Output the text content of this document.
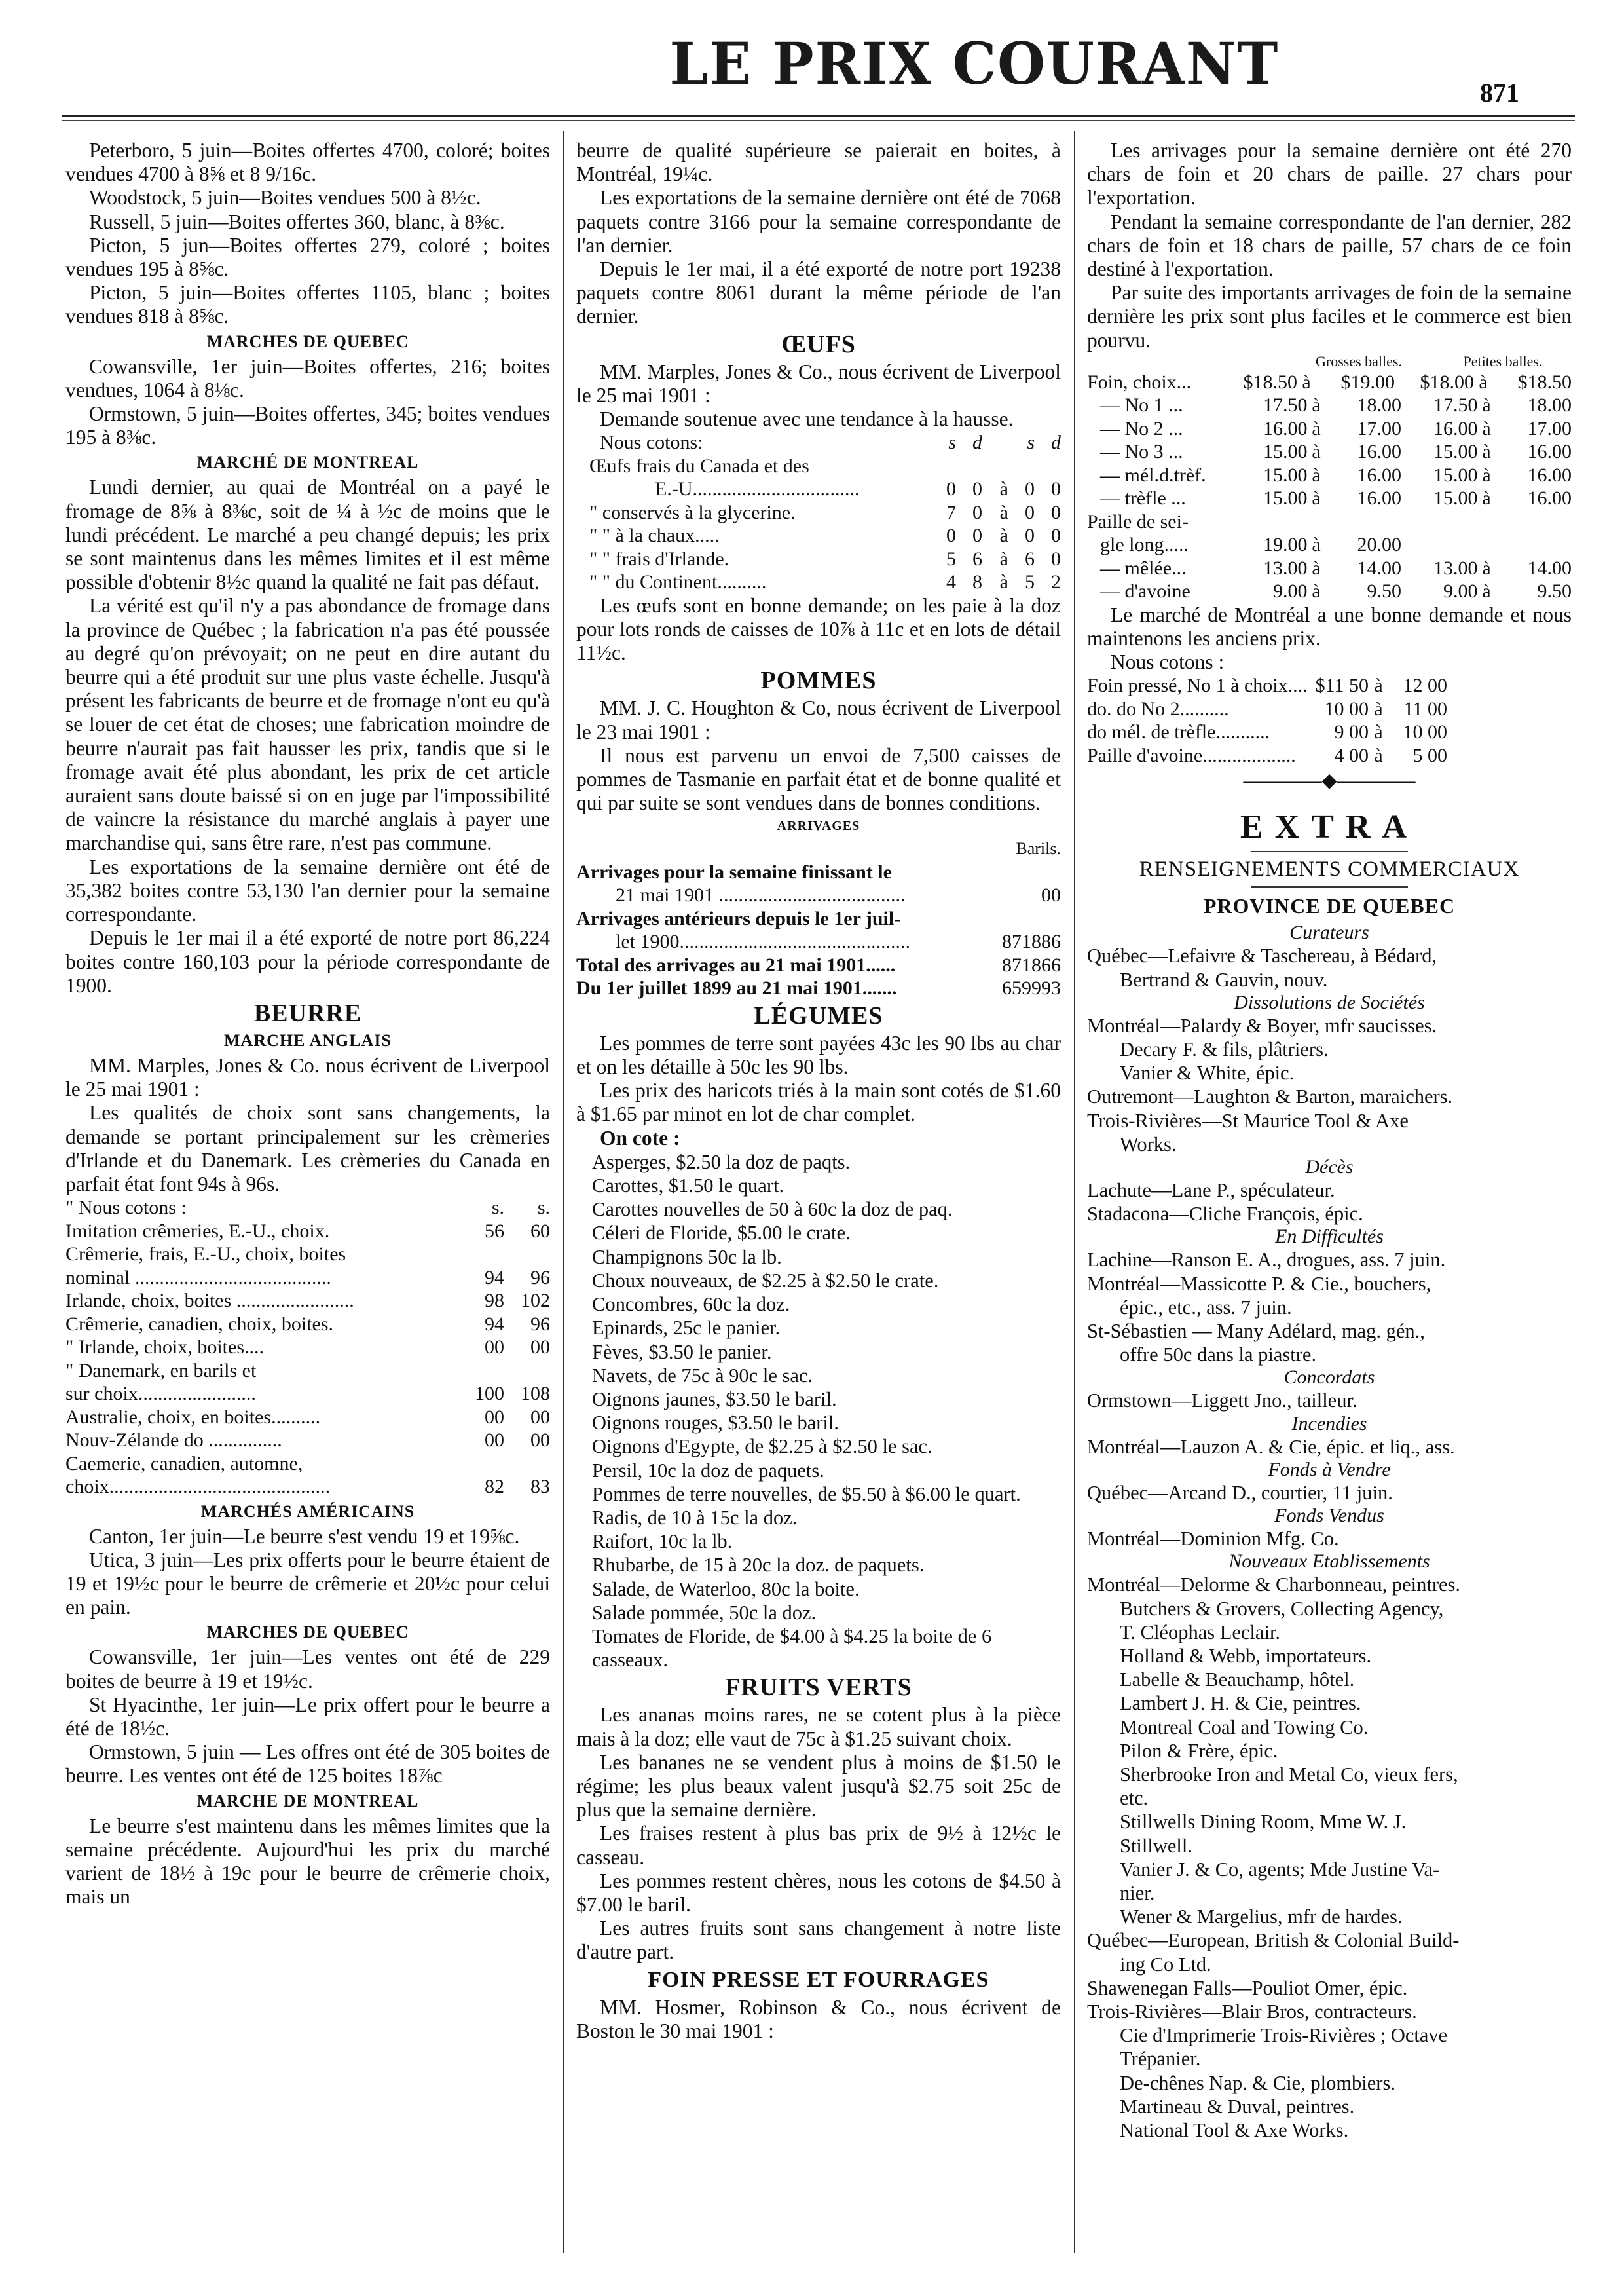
LE PRIX COURANT	871

Peterboro, 5 juin—Boites offertes 4700, coloré; boites vendues 4700 à 8⅝ et 8 9/16c.

Woodstock, 5 juin—Boites vendues 500 à 8½c.

Russell, 5 juin—Boites offertes 360, blanc, à 8⅜c.

Picton, 5 jun—Boites offertes 279, coloré ; boites vendues 195 à 8⅝c.

Picton, 5 juin—Boites offertes 1105, blanc ; boites vendues 818 à 8⅝c.

MARCHES DE QUEBEC

Cowansville, 1er juin—Boites offertes, 216; boites vendues, 1064 à 8⅛c.

Ormstown, 5 juin—Boites offertes, 345; boites vendues 195 à 8⅜c.

MARCHÉ DE MONTREAL

Lundi dernier, au quai de Montréal on a payé le fromage de 8⅝ à 8⅜c, soit de ¼ à ½c de moins que le lundi précédent. Le marché a peu changé depuis; les prix se sont maintenus dans les mêmes limites et il est même possible d'obtenir 8½c quand la qualité ne fait pas défaut.

La vérité est qu'il n'y a pas abondance de fromage dans la province de Québec ; la fabrication n'a pas été poussée au degré qu'on prévoyait; on ne peut en dire autant du beurre qui a été produit sur une plus vaste échelle. Jusqu'à présent les fabricants de beurre et de fromage n'ont eu qu'à se louer de cet état de choses; une fabrication moindre de beurre n'aurait pas fait hausser les prix, tandis que si le fromage avait été plus abondant, les prix de cet article auraient sans doute baissé si on en juge par l'impossibilité de vaincre la résistance du marché anglais à payer une marchandise qui, sans être rare, n'est pas commune.

Les exportations de la semaine dernière ont été de 35,382 boites contre 53,130 l'an dernier pour la semaine correspondante.

Depuis le 1er mai il a été exporté de notre port 86,224 boites contre 160,103 pour la période correspondante de 1900.

BEURRE
MARCHE ANGLAIS

MM. Marples, Jones & Co. nous écrivent de Liverpool le 25 mai 1901 :

Les qualités de choix sont sans changements, la demande se portant principalement sur les crèmeries d'Irlande et du Danemark. Les crèmeries du Canada en parfait état font 94s à 96s.

" Nous cotons :	s.	s.
Imitation crêmeries, E.-U., choix.	56	60
Crêmerie, frais, E.-U., choix, boites
nominal ........................................	94	96
Irlande, choix, boites ........................	98 102
Crêmerie, canadien, choix, boites.	94	96
" Irlande, choix, boites....	00	00
" Danemark, en barils et
sur choix........................	100 108
Australie, choix, en boites..........	00	00
Nouv-Zélande do ...............	00	00
Caemerie, canadien, automne,
choix.............................................	82	83
MARCHÉS AMÉRICAINS

Canton, 1er juin—Le beurre s'est vendu 19 et 19⅝c.

Utica, 3 juin—Les prix offerts pour le beurre étaient de 19 et 19½c pour le beurre de crêmerie et 20½c pour celui en pain.

MARCHES DE QUEBEC

Cowansville, 1er juin—Les ventes ont été de 229 boites de beurre à 19 et 19½c.

St Hyacinthe, 1er juin—Le prix offert pour le beurre a été de 18½c.

Ormstown, 5 juin — Les offres ont été de 305 boites de beurre. Les ventes ont été de 125 boites 18⅞c

MARCHE DE MONTREAL

Le beurre s'est maintenu dans les mêmes limites que la semaine précédente. Aujourd'hui les prix du marché varient de 18½ à 19c pour le beurre de crêmerie choix, mais un

beurre de qualité supérieure se paierait en boites, à Montréal, 19¼c.

Les exportations de la semaine dernière ont été de 7068 paquets contre 3166 pour la semaine correspondante de l'an dernier.

Depuis le 1er mai, il a été exporté de notre port 19238 paquets contre 8061 durant la même période de l'an dernier.

ŒUFS

MM. Marples, Jones & Co., nous écrivent de Liverpool le 25 mai 1901 :

Demande soutenue avec une tendance à la hausse.

Nous cotons:	s d	s d
Œufs frais du Canada et des
E.-U..................................	0 0 à 0 0
" conservés à la glycerine.	7 0 à 0 0
" " à la chaux.....	0 0 à 0 0
" " frais d'Irlande.	5 6 à 6 0
" " du Continent..........	4 8 à 5 2

Les œufs sont en bonne demande; on les paie à la doz pour lots ronds de caisses de 10⅞ à 11c et en lots de détail 11½c.

POMMES

MM. J. C. Houghton & Co, nous écrivent de Liverpool le 23 mai 1901 :

Il nous est parvenu un envoi de 7,500 caisses de pommes de Tasmanie en parfait état et de bonne qualité et qui par suite se sont vendues dans de bonnes conditions.

ARRIVAGES
Barils.
Arrivages pour la semaine finissant le
21 mai 1901 ......................................	00
Arrivages antérieurs depuis le 1er juil-
let 1900...............................................	871886
Total des arrivages au 21 mai 1901......	871866
Du 1er juillet 1899 au 21 mai 1901.......	659993
LÉGUMES

Les pommes de terre sont payées 43c les 90 lbs au char et on les détaille à 50c les 90 lbs.

Les prix des haricots triés à la main sont cotés de $1.60 à $1.65 par minot en lot de char complet.

On cote :

Asperges, $2.50 la doz de paqts.

Carottes, $1.50 le quart.

Carottes nouvelles de 50 à 60c la doz de paq.

Céleri de Floride, $5.00 le crate.

Champignons 50c la lb.

Choux nouveaux, de $2.25 à $2.50 le crate.

Concombres, 60c la doz.

Epinards, 25c le panier.

Fèves, $3.50 le panier.

Navets, de 75c à 90c le sac.

Oignons jaunes, $3.50 le baril.

Oignons rouges, $3.50 le baril.

Oignons d'Egypte, de $2.25 à $2.50 le sac.

Persil, 10c la doz de paquets.

Pommes de terre nouvelles, de $5.50 à $6.00 le quart.

Radis, de 10 à 15c la doz.

Raifort, 10c la lb.

Rhubarbe, de 15 à 20c la doz. de paquets.

Salade, de Waterloo, 80c la boite.

Salade pommée, 50c la doz.

Tomates de Floride, de $4.00 à $4.25 la boite de 6 casseaux.

FRUITS VERTS

Les ananas moins rares, ne se cotent plus à la pièce mais à la doz; elle vaut de 75c à $1.25 suivant choix.

Les bananes ne se vendent plus à moins de $1.50 le régime; les plus beaux valent jusqu'à $2.75 soit 25c de plus que la semaine dernière.

Les fraises restent à plus bas prix de 9½ à 12½c le casseau.

Les pommes restent chères, nous les cotons de $4.50 à $7.00 le baril.

Les autres fruits sont sans changement à notre liste d'autre part.

FOIN PRESSE ET FOURRAGES

MM. Hosmer, Robinson & Co., nous écrivent de Boston le 30 mai 1901 :

Les arrivages pour la semaine dernière ont été 270 chars de foin et 20 chars de paille. 27 chars pour l'exportation.

Pendant la semaine correspondante de l'an dernier, 282 chars de foin et 18 chars de paille, 57 chars de ce foin destiné à l'exportation.

Par suite des importants arrivages de foin de la semaine dernière les prix sont plus faciles et le commerce est bien pourvu.

Grosses balles.	Petites balles.
Foin, choix...	$18.50 à	$19.00	$18.00 à	$18.50
— No 1 ...	17.50 à	18.00	17.50 à	18.00
— No 2 ...	16.00 à	17.00	16.00 à	17.00
— No 3 ...	15.00 à	16.00	15.00 à	16.00
— mél.d.trèf.	15.00 à	16.00	15.00 à	16.00
— trèfle ...	15.00 à	16.00	15.00 à	16.00
Paille de sei-
gle long.....	19.00 à	20.00
— mêlée...	13.00 à	14.00	13.00 à	14.00
— d'avoine	9.00 à	9.50	9.00 à	9.50

Le marché de Montréal a une bonne demande et nous maintenons les anciens prix.

Nous cotons :

Foin pressé, No 1 à choix.... $11 50 à	12 00
do. do No 2..........	10 00 à	11 00
do mél. de trèfle...........	9 00 à	10 00
Paille d'avoine...................	4 00 à	5 00
————◆————
EXTRA
RENSEIGNEMENTS COMMERCIAUX
PROVINCE DE QUEBEC
Curateurs

Québec—Lefaivre & Taschereau, à Bédard,

Bertrand & Gauvin, nouv.

Dissolutions de Sociétés

Montréal—Palardy & Boyer, mfr saucisses.

Decary F. & fils, plâtriers.

Vanier & White, épic.

Outremont—Laughton & Barton, maraichers.

Trois-Rivières—St Maurice Tool & Axe

Works.

Décès

Lachute—Lane P., spéculateur.

Stadacona—Cliche François, épic.

En Difficultés

Lachine—Ranson E. A., drogues, ass. 7 juin.

Montréal—Massicotte P. & Cie., bouchers,

épic., etc., ass. 7 juin.

St-Sébastien — Many Adélard, mag. gén.,

offre 50c dans la piastre.

Concordats

Ormstown—Liggett Jno., tailleur.

Incendies

Montréal—Lauzon A. & Cie, épic. et liq., ass.

Fonds à Vendre

Québec—Arcand D., courtier, 11 juin.

Fonds Vendus

Montréal—Dominion Mfg. Co.

Nouveaux Etablissements

Montréal—Delorme & Charbonneau, peintres.

Butchers & Grovers, Collecting Agency,

T. Cléophas Leclair.

Holland & Webb, importateurs.

Labelle & Beauchamp, hôtel.

Lambert J. H. & Cie, peintres.

Montreal Coal and Towing Co.

Pilon & Frère, épic.

Sherbrooke Iron and Metal Co, vieux fers,

etc.

Stillwells Dining Room, Mme W. J.

Stillwell.

Vanier J. & Co, agents; Mde Justine Va-

nier.

Wener & Margelius, mfr de hardes.

Québec—European, British & Colonial Build-

ing Co Ltd.

Shawenegan Falls—Pouliot Omer, épic.

Trois-Rivières—Blair Bros, contracteurs.

Cie d'Imprimerie Trois-Rivières ; Octave

Trépanier.

De-chênes Nap. & Cie, plombiers.

Martineau & Duval, peintres.

National Tool & Axe Works.
